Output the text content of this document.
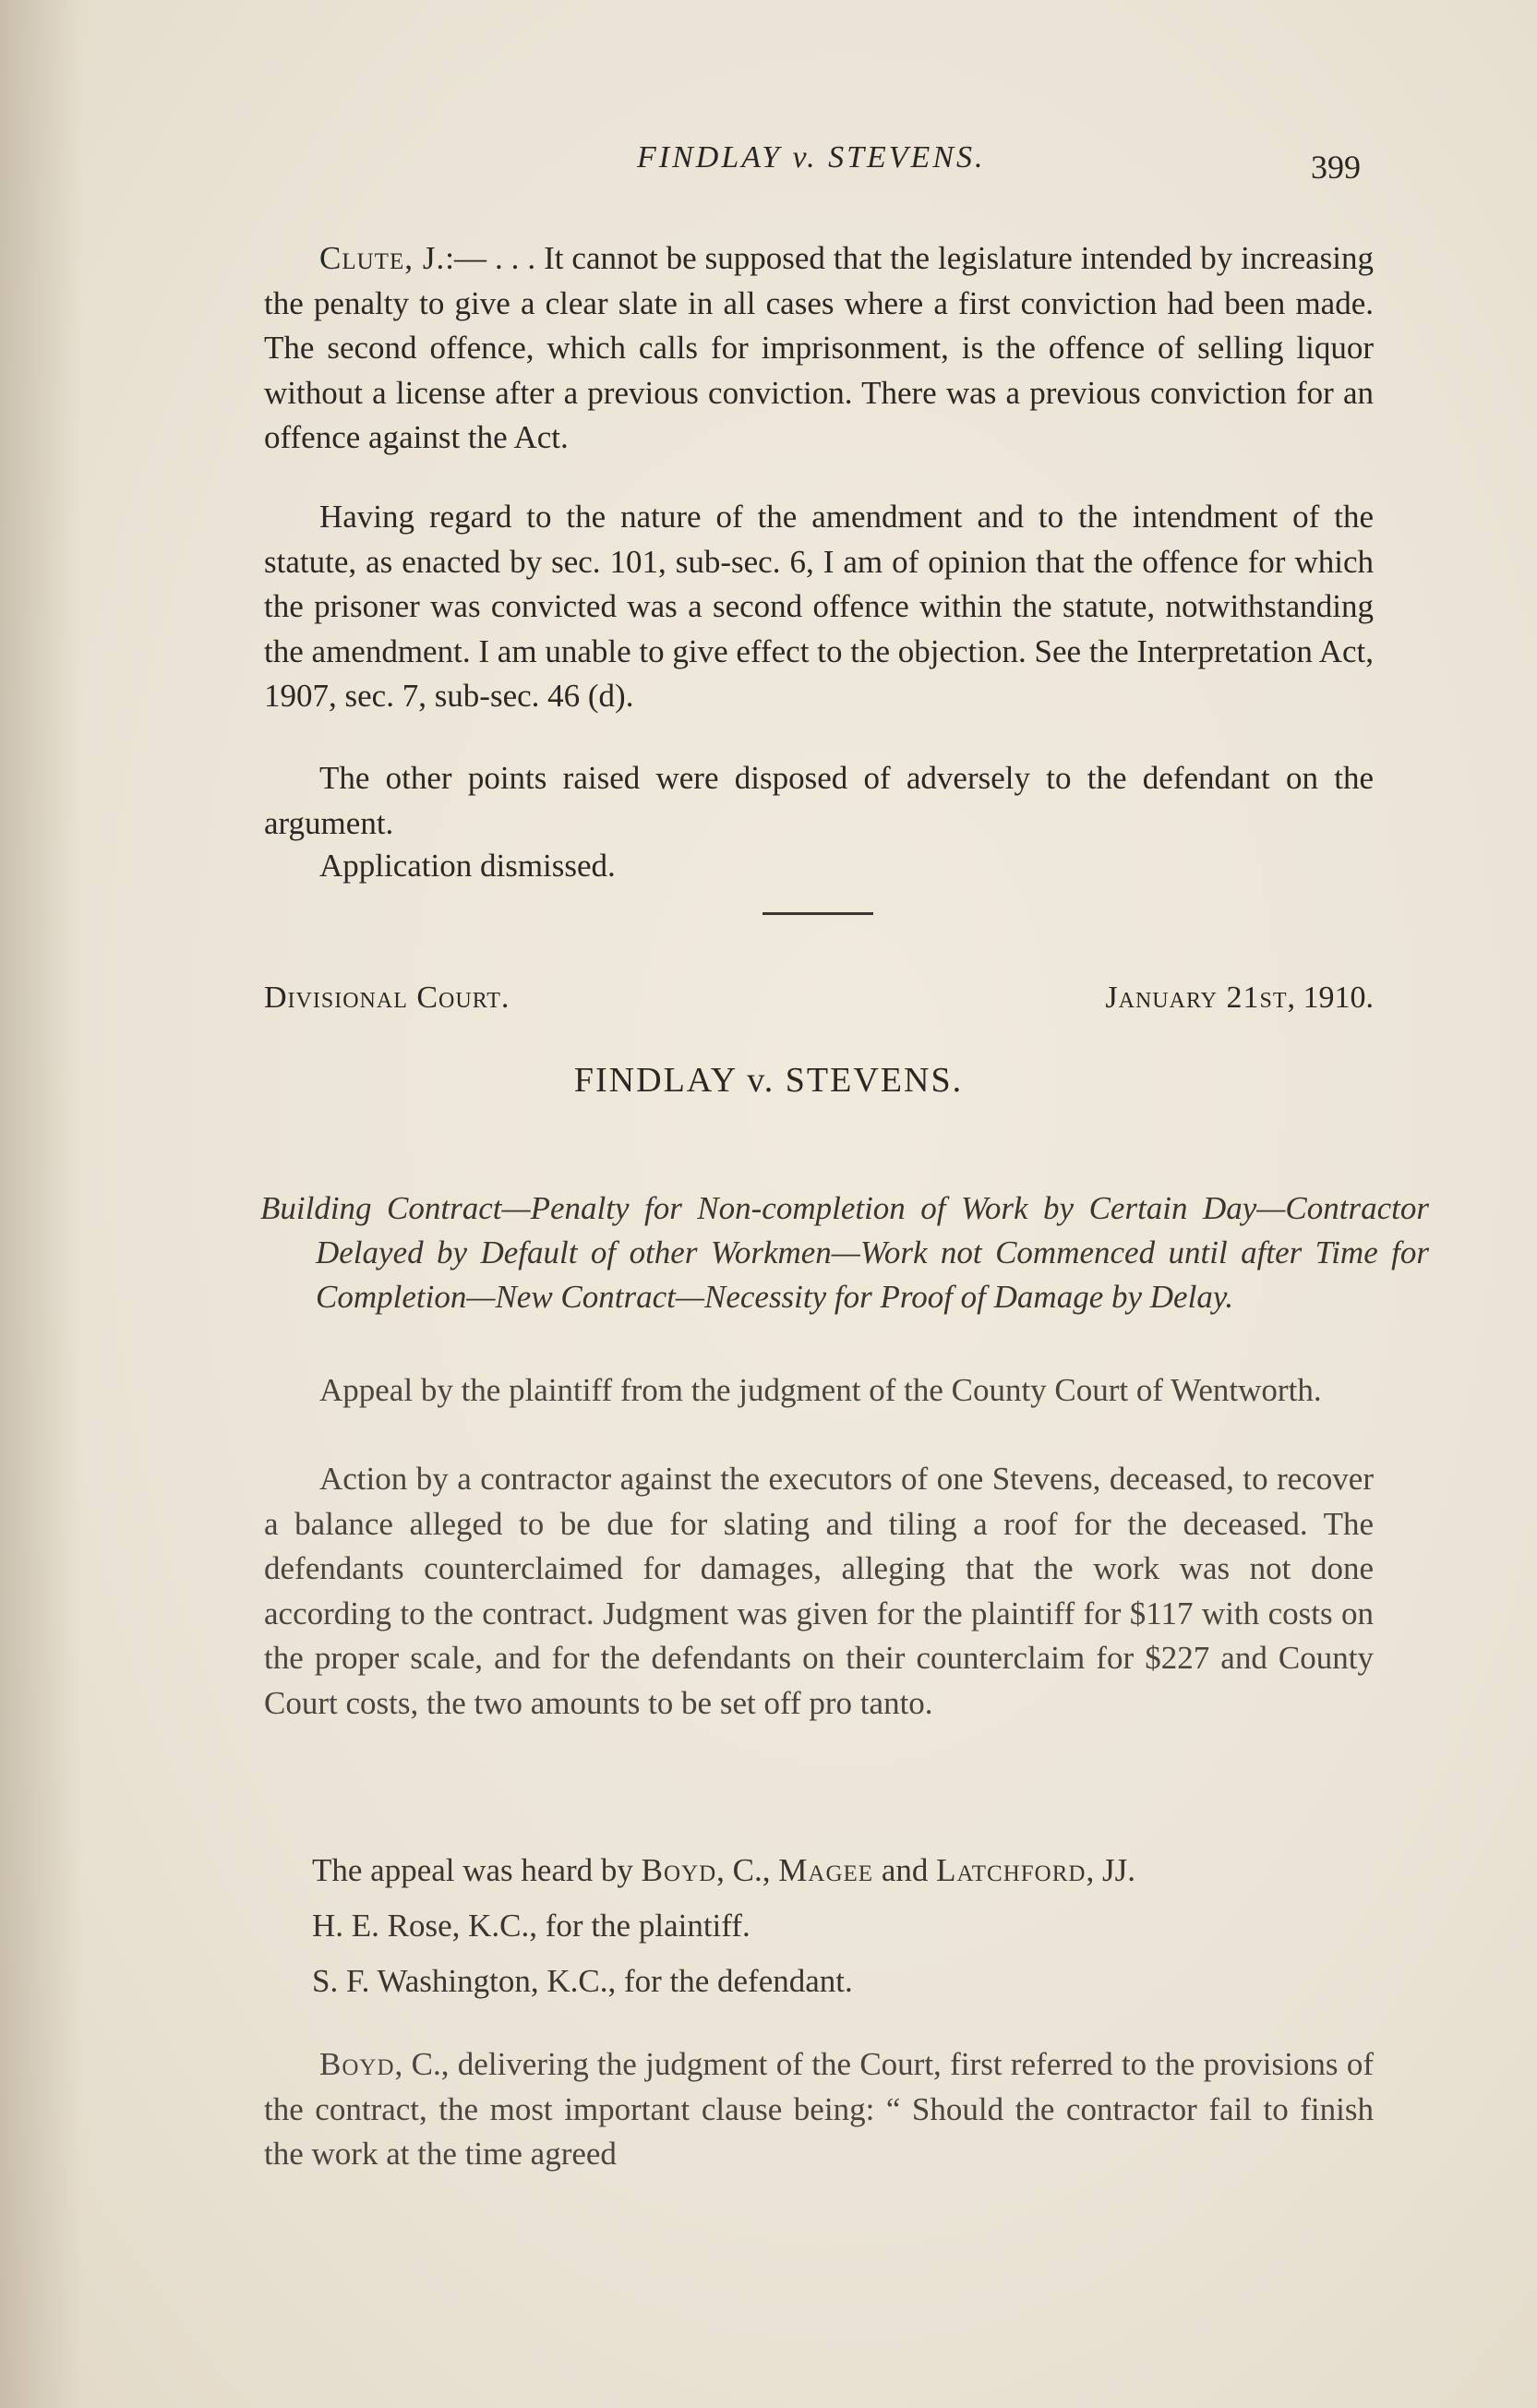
FINDLAY v. STEVENS.	399

Clute, J.:— . . . It cannot be supposed that the legislature intended by increasing the penalty to give a clear slate in all cases where a first conviction had been made. The second offence, which calls for imprisonment, is the offence of selling liquor without a license after a previous conviction. There was a previous conviction for an offence against the Act.

Having regard to the nature of the amendment and to the intendment of the statute, as enacted by sec. 101, sub-sec. 6, I am of opinion that the offence for which the prisoner was convicted was a second offence within the statute, notwithstanding the amendment. I am unable to give effect to the objection. See the Interpretation Act, 1907, sec. 7, sub-sec. 46 (d).

The other points raised were disposed of adversely to the defendant on the argument.

Application dismissed.

Divisional Court.	January 21st, 1910.
FINDLAY v. STEVENS.

Building Contract—Penalty for Non-completion of Work by Certain Day—Contractor Delayed by Default of other Workmen—Work not Commenced until after Time for Completion—New Contract—Necessity for Proof of Damage by Delay.

Appeal by the plaintiff from the judgment of the County Court of Wentworth.

Action by a contractor against the executors of one Stevens, deceased, to recover a balance alleged to be due for slating and tiling a roof for the deceased. The defendants counterclaimed for damages, alleging that the work was not done according to the contract. Judgment was given for the plaintiff for $117 with costs on the proper scale, and for the defendants on their counterclaim for $227 and County Court costs, the two amounts to be set off pro tanto.

The appeal was heard by Boyd, C., Magee and Latchford, JJ.
H. E. Rose, K.C., for the plaintiff.
S. F. Washington, K.C., for the defendant.

Boyd, C., delivering the judgment of the Court, first referred to the provisions of the contract, the most important clause being: “ Should the contractor fail to finish the work at the time agreed
